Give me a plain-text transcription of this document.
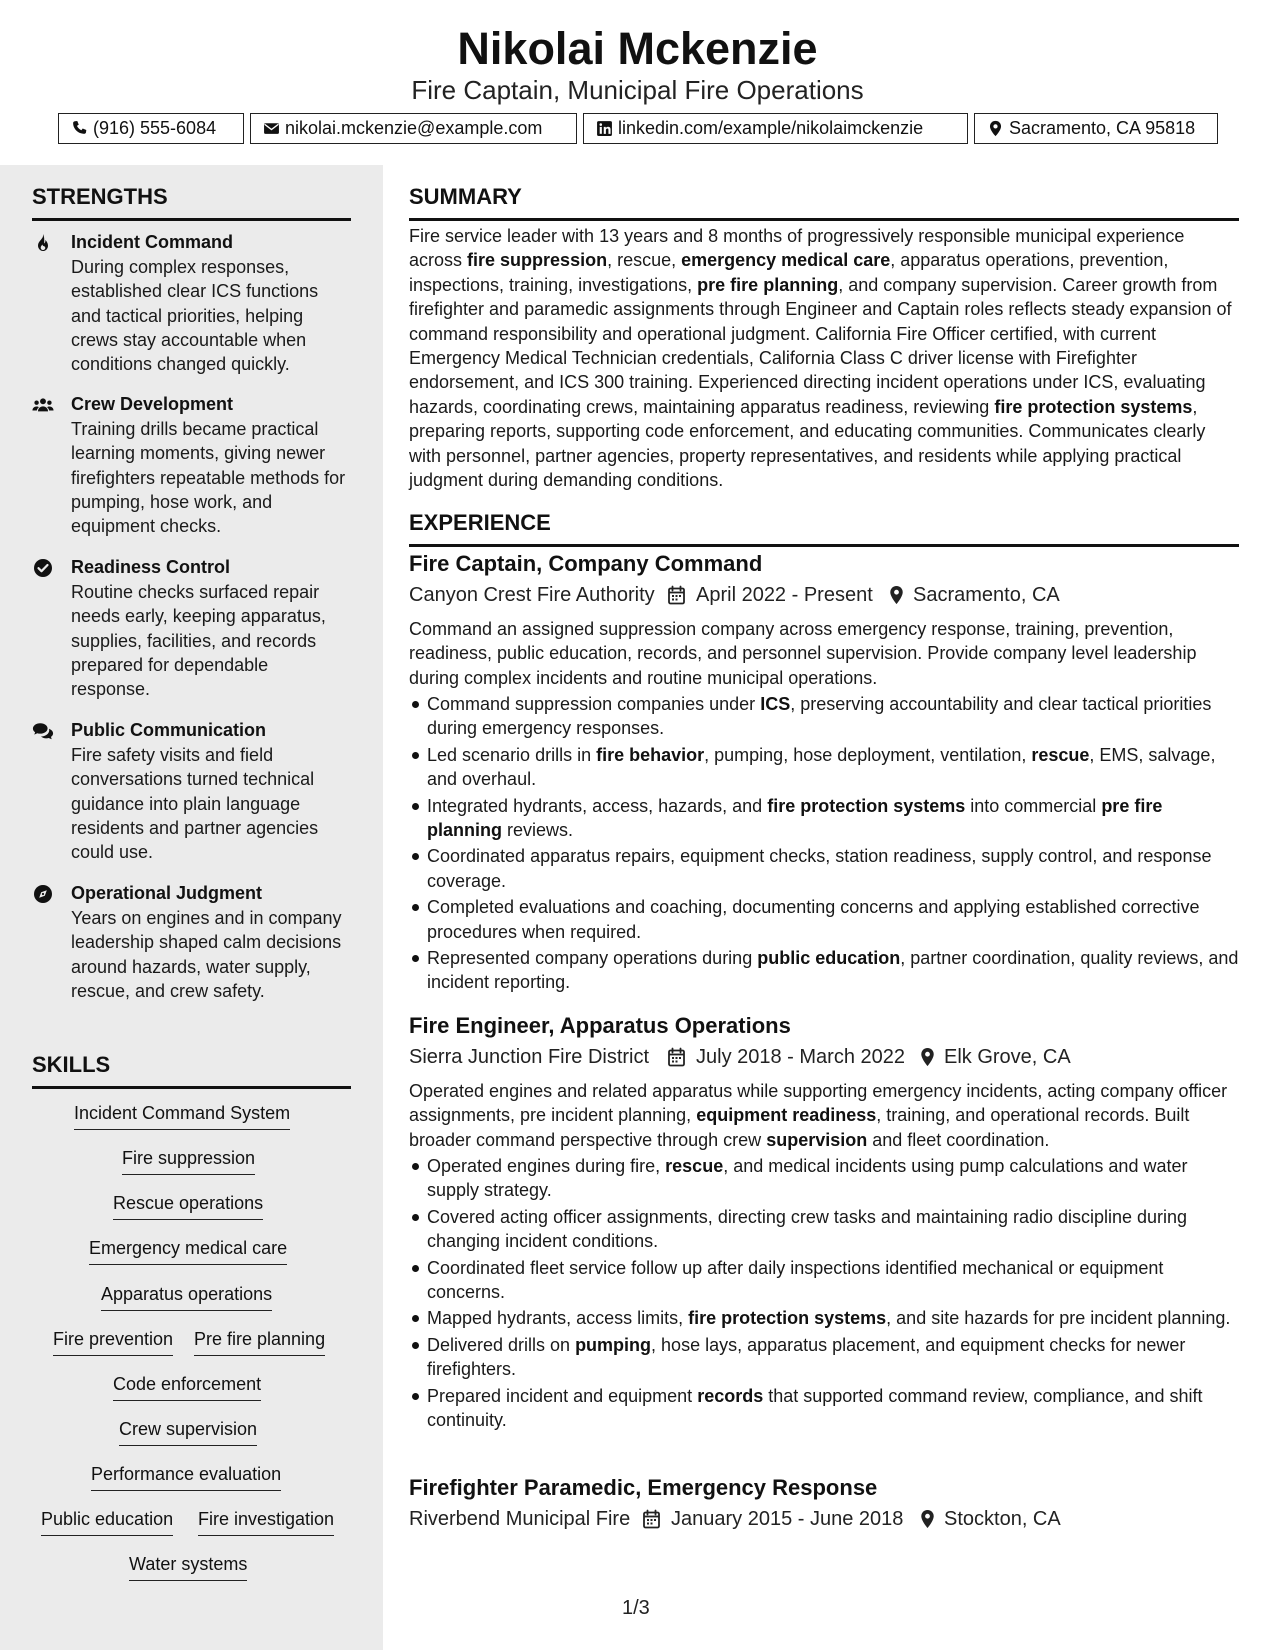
Nikolai Mckenzie
Fire Captain, Municipal Fire Operations
(916) 555-6084	nikolai.mckenzie@example.com	linkedin.com/example/nikolaimckenzie	Sacramento, CA 95818
STRENGTHS
Incident Command
During complex responses, established clear ICS functions and tactical priorities, helping crews stay accountable when conditions changed quickly.
Crew Development
Training drills became practical learning moments, giving newer firefighters repeatable methods for pumping, hose work, and equipment checks.
Readiness Control
Routine checks surfaced repair needs early, keeping apparatus, supplies, facilities, and records prepared for dependable response.
Public Communication
Fire safety visits and field conversations turned technical guidance into plain language residents and partner agencies could use.
Operational Judgment
Years on engines and in company leadership shaped calm decisions around hazards, water supply, rescue, and crew safety.
SKILLS
Incident Command System
Fire suppression
Rescue operations
Emergency medical care
Apparatus operations
Fire prevention Pre fire planning
Code enforcement
Crew supervision
Performance evaluation
Public education Fire investigation
Water systems
SUMMARY
Fire service leader with 13 years and 8 months of progressively responsible municipal experience across fire suppression, rescue, emergency medical care, apparatus operations, prevention, inspections, training, investigations, pre fire planning, and company supervision. Career growth from firefighter and paramedic assignments through Engineer and Captain roles reflects steady expansion of command responsibility and operational judgment. California Fire Officer certified, with current Emergency Medical Technician credentials, California Class C driver license with Firefighter endorsement, and ICS 300 training. Experienced directing incident operations under ICS, evaluating hazards, coordinating crews, maintaining apparatus readiness, reviewing fire protection systems, preparing reports, supporting code enforcement, and educating communities. Communicates clearly with personnel, partner agencies, property representatives, and residents while applying practical judgment during demanding conditions.
EXPERIENCE
Fire Captain, Company Command
Canyon Crest Fire Authority April 2022 - Present Sacramento, CA
Command an assigned suppression company across emergency response, training, prevention, readiness, public education, records, and personnel supervision. Provide company level leadership during complex incidents and routine municipal operations.
Command suppression companies under ICS, preserving accountability and clear tactical priorities during emergency responses.
Led scenario drills in fire behavior, pumping, hose deployment, ventilation, rescue, EMS, salvage, and overhaul.
Integrated hydrants, access, hazards, and fire protection systems into commercial pre fire planning reviews.
Coordinated apparatus repairs, equipment checks, station readiness, supply control, and response coverage.
Completed evaluations and coaching, documenting concerns and applying established corrective procedures when required.
Represented company operations during public education, partner coordination, quality reviews, and incident reporting.
Fire Engineer, Apparatus Operations
Sierra Junction Fire District July 2018 - March 2022 Elk Grove, CA
Operated engines and related apparatus while supporting emergency incidents, acting company officer assignments, pre incident planning, equipment readiness, training, and operational records. Built broader command perspective through crew supervision and fleet coordination.
Operated engines during fire, rescue, and medical incidents using pump calculations and water supply strategy.
Covered acting officer assignments, directing crew tasks and maintaining radio discipline during changing incident conditions.
Coordinated fleet service follow up after daily inspections identified mechanical or equipment concerns.
Mapped hydrants, access limits, fire protection systems, and site hazards for pre incident planning.
Delivered drills on pumping, hose lays, apparatus placement, and equipment checks for newer firefighters.
Prepared incident and equipment records that supported command review, compliance, and shift continuity.
Firefighter Paramedic, Emergency Response
Riverbend Municipal Fire January 2015 - June 2018 Stockton, CA
1/3
